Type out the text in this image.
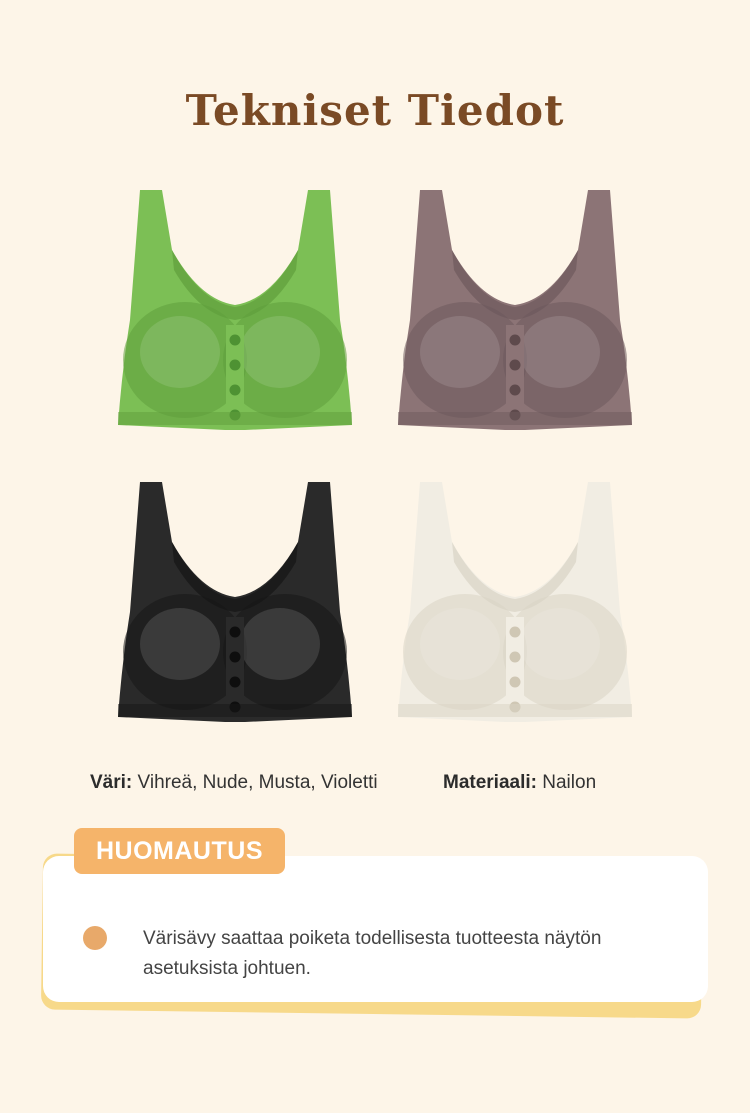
Tekniset Tiedot
Väri: Vihreä, Nude, Musta, Violetti	Materiaali: Nailon
Värisävy saattaa poiketa todellisesta tuotteesta näytön asetuksista johtuen.
HUOMAUTUS
